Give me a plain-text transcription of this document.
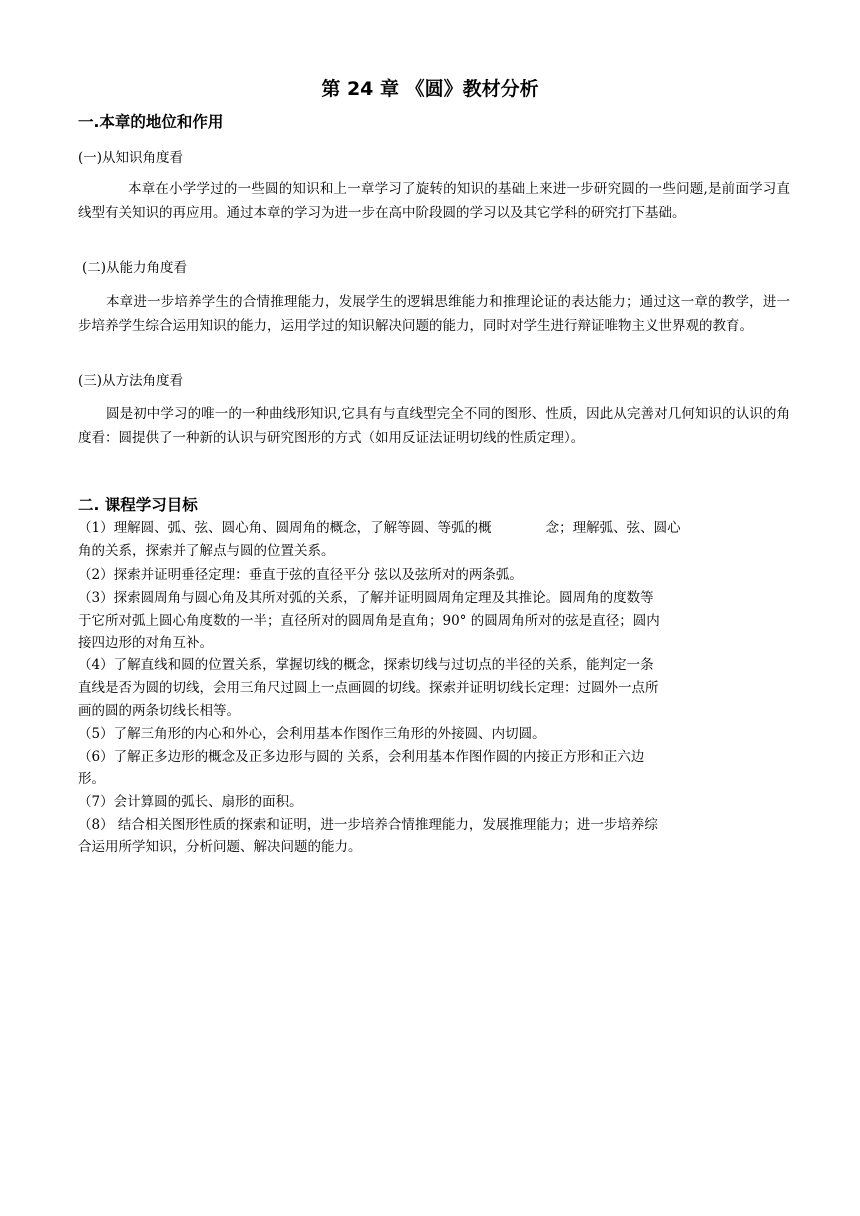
第 24 章 《圆》教材分析
一.本章的地位和作用
(一)从知识角度看
本章在小学学过的一些圆的知识和上一章学习了旋转的知识的基础上来进一步研究圆的一些问题,是前面学习直线型有关知识的再应用。通过本章的学习为进一步在高中阶段圆的学习以及其它学科的研究打下基础。
(二)从能力角度看
本章进一步培养学生的合情推理能力，发展学生的逻辑思维能力和推理论证的表达能力；通过这一章的教学，进一步培养学生综合运用知识的能力，运用学过的知识解决问题的能力，同时对学生进行辩证唯物主义世界观的教育。
(三)从方法角度看
圆是初中学习的唯一的一种曲线形知识,它具有与直线型完全不同的图形、性质，因此从完善对几何知识的认识的角度看：圆提供了一种新的认识与研究图形的方式（如用反证法证明切线的性质定理）。
二. 课程学习目标
（1）理解圆、弧、弦、圆心角、圆周角的概念，了解等圆、等弧的概　　　　念；理解弧、弦、圆心
角的关系，探索并了解点与圆的位置关系。
（2）探索并证明垂径定理：垂直于弦的直径平分 弦以及弦所对的两条弧。
（3）探索圆周角与圆心角及其所对弧的关系，了解并证明圆周角定理及其推论。圆周角的度数等
于它所对弧上圆心角度数的一半；直径所对的圆周角是直角；90° 的圆周角所对的弦是直径；圆内
接四边形的对角互补。
（4）了解直线和圆的位置关系，掌握切线的概念，探索切线与过切点的半径的关系，能判定一条
直线是否为圆的切线，会用三角尺过圆上一点画圆的切线。探索并证明切线长定理：过圆外一点所
画的圆的两条切线长相等。
（5）了解三角形的内心和外心，会利用基本作图作三角形的外接圆、内切圆。
（6）了解正多边形的概念及正多边形与圆的 关系，会利用基本作图作圆的内接正方形和正六边
形。
（7）会计算圆的弧长、扇形的面积。
（8） 结合相关图形性质的探索和证明，进一步培养合情推理能力，发展推理能力；进一步培养综
合运用所学知识，分析问题、解决问题的能力。
